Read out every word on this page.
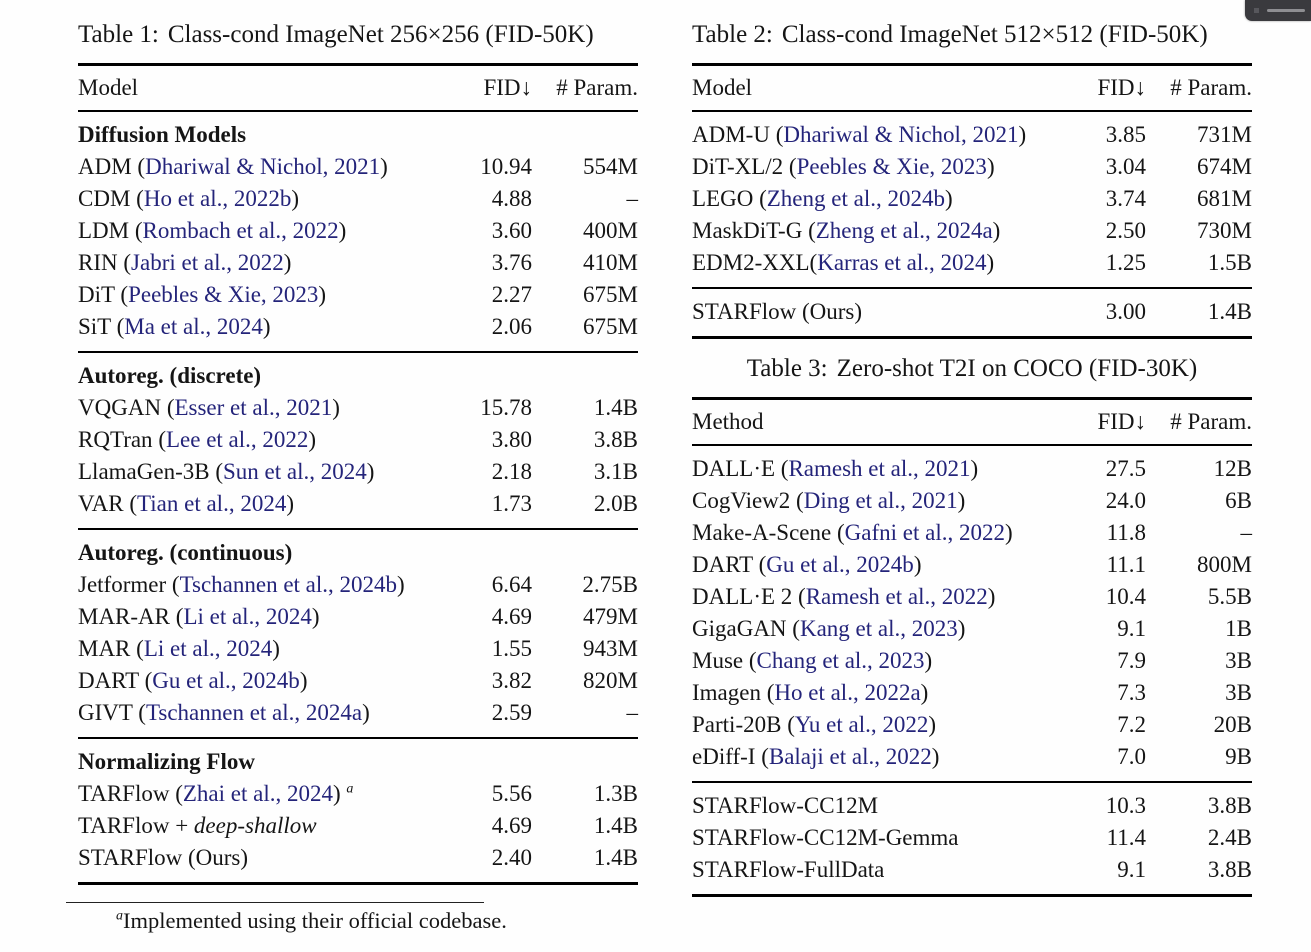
Table 1: Class-cond ImageNet 256×256 (FID-50K)
Model	FID↓	# Param.
Diffusion Models
ADM (Dhariwal & Nichol, 2021)	10.94	554M
CDM (Ho et al., 2022b)	4.88	–
LDM (Rombach et al., 2022)	3.60	400M
RIN (Jabri et al., 2022)	3.76	410M
DiT (Peebles & Xie, 2023)	2.27	675M
SiT (Ma et al., 2024)	2.06	675M
Autoreg. (discrete)
VQGAN (Esser et al., 2021)	15.78	1.4B
RQTran (Lee et al., 2022)	3.80	3.8B
LlamaGen-3B (Sun et al., 2024)	2.18	3.1B
VAR (Tian et al., 2024)	1.73	2.0B
Autoreg. (continuous)
Jetformer (Tschannen et al., 2024b)	6.64	2.75B
MAR-AR (Li et al., 2024)	4.69	479M
MAR (Li et al., 2024)	1.55	943M
DART (Gu et al., 2024b)	3.82	820M
GIVT (Tschannen et al., 2024a)	2.59	–
Normalizing Flow
TARFlow (Zhai et al., 2024) $^a$	5.56	1.3B
TARFlow + deep-shallow	4.69	1.4B
STARFlow (Ours)	2.40	1.4B
$^a$Implemented using their official codebase.
Table 2: Class-cond ImageNet 512×512 (FID-50K)
Model	FID↓	# Param.
ADM-U (Dhariwal & Nichol, 2021)	3.85	731M
DiT-XL/2 (Peebles & Xie, 2023)	3.04	674M
LEGO (Zheng et al., 2024b)	3.74	681M
MaskDiT-G (Zheng et al., 2024a)	2.50	730M
EDM2-XXL(Karras et al., 2024)	1.25	1.5B
STARFlow (Ours)	3.00	1.4B
Table 3: Zero-shot T2I on COCO (FID-30K)
Method	FID↓	# Param.
DALL·E (Ramesh et al., 2021)	27.5	12B
CogView2 (Ding et al., 2021)	24.0	6B
Make-A-Scene (Gafni et al., 2022)	11.8	–
DART (Gu et al., 2024b)	11.1	800M
DALL·E 2 (Ramesh et al., 2022)	10.4	5.5B
GigaGAN (Kang et al., 2023)	9.1	1B
Muse (Chang et al., 2023)	7.9	3B
Imagen (Ho et al., 2022a)	7.3	3B
Parti-20B (Yu et al., 2022)	7.2	20B
eDiff-I (Balaji et al., 2022)	7.0	9B
STARFlow-CC12M	10.3	3.8B
STARFlow-CC12M-Gemma	11.4	2.4B
STARFlow-FullData	9.1	3.8B
